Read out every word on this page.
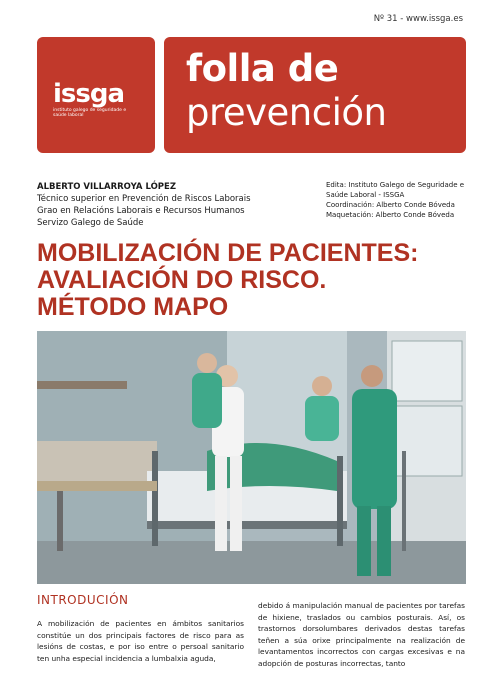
Nº 31 - www.issga.es
issga
instituto galego de seguridade e saúde laboral
folla de
prevención
ALBERTO VILLARROYA LÓPEZ
Técnico superior en Prevención de Riscos Laborais
Grao en Relacións Laborais e Recursos Humanos
Servizo Galego de Saúde
Edita: Instituto Galego de Seguridade e
Saúde Laboral - ISSGA
Coordinación: Alberto Conde Bóveda
Maquetación: Alberto Conde Bóveda
MOBILIZACIÓN DE PACIENTES:
AVALIACIÓN DO RISCO.
MÉTODO MAPO
INTRODUCIÓN
A mobilización de pacientes en ámbitos sanitarios constitúe un dos principais factores de risco para as lesións de costas, e por iso entre o persoal sanitario ten unha especial incidencia a lumbalxia aguda,
debido á manipulación manual de pacientes por tarefas de hixiene, traslados ou cambios posturais. Así, os trastornos dorsolumbares derivados destas tarefas teñen a súa orixe principalmente na realización de levantamentos incorrectos con cargas excesivas e na adopción de posturas incorrectas, tanto
